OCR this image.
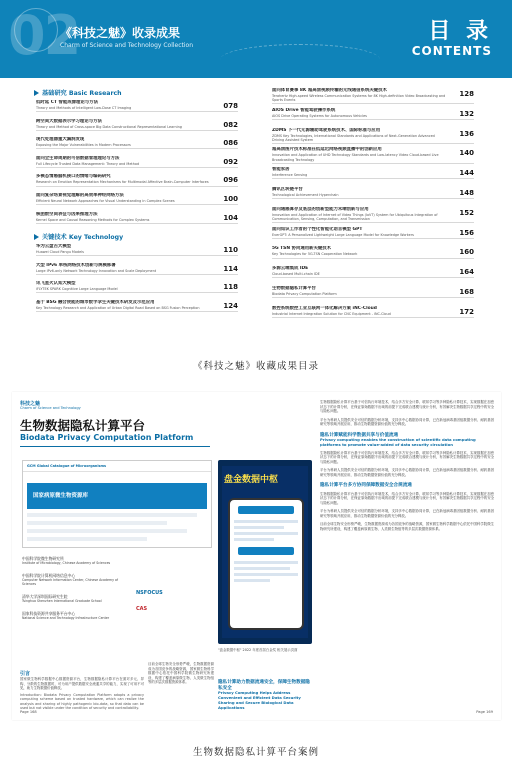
02
《科技之魅》收录成果
Charm of Science and Technology Collection
目 录
CONTENTS
基础研究 Basic Research
低时延 CT 智能成像理论与方法
Theory and Methods of Intelligent Low-Dose CT Imaging	078
跨空间大数据表示学习理论与方法
Theory and Method of Cross-space Big Data Constructional Representational Learning	082
现代处理器重大漏洞发现
Exposing the Major Vulnerabilities in Modern Processors	086
面向全生命周期的可信数据管理理论与方法
Full Lifecycle Trusted Data Management: Theory and Method	092
多模态情感脑机接口的情绪与编码研究
Research on Emotion Representation Mechanisms for Multimodal Affective Brain-Computer Interfaces	096
面向复杂场景视觉理解的高效率神经网络方法
Efficient Neural Network Approaches for Visual Understanding in Complex Scenes	100
核函数空间表征与因果推理方法
Kernel Space and Causal Reasoning Methods for Complex Systems	104
关键技术 Key Technology
华为云盘古大模型
Huawei Cloud Pangu Models	110
大型 IPv6 单栈网络技术创新与规模部署
Large IPv6-only Network Technology Innovation and Scale Deployment	114
讯飞星火认知大模型
iFLYTEK SPARK Cognitive Large Language Model	118
基于 BSG 融合使能的城市数字孪生关键技术研发及示范应用
Key Technology Research and Application of Urban Digital Road Based on BSG Fusion Perception	124
面向体育赛事 8K 超高清视频传输的无线通信系统关键技术
Terahertz High-speed Wireless Communication Systems for 8K High-definition Video Broadcasting and Sports Events
128
AIOS Drive 智能驾驶操作系统
AIOS Drive Operating Systems for Autonomous Vehicles	132
ZDMS 下一代无源辅助驾驶系统技术、国际标准与应用
ZDMS Key Technologies, International Standards and Applications of Next-Generation Advanced Driving Assisted System
136
超高清图片技术标准在低延迟网络视频直播中的创新应用
Innovation and Application of UHD Technology Standards and Low-latency Video Cloud-based Live Broadcasting Technology
140
智能家居
Interference Sensing	144
腾讯区块链平台
Technological Achievement Hyperchain	148
面向通感算存及底层的创新型能力未端创新与应用
Innovation and Application of Internet of Video Things (IoVT) System for Ubiquitous Integration of Communication, Sensing, Computation, and Transmission
152
面向知识工作者的个性化智能化语言模型 GPT
EverGPT: A Personalized Lightweight Large Language Model for Knowledge Workers	156
5G TSN 协同通用新关键技术
Key Technologies for 5G-TSN Cooperation Network	160
多源云端集成 IDE
Cloud-based Multi-chain IDE	164
生物数据隐私计算平台
Biodata Privacy Computation Platform	168
数控系统数控工业互联网一体化解决方案 iNC-Cloud
Industrial Internet Integration Solution for CNC Equipment - iNC-Cloud	172
《科技之魅》收藏成果目录
科技之魅
Charm of Science and Technology
生物数据隐私计算平台
Biodata Privacy Computation Platform
GCM Global Catalogue of Microorganisms
国家病原微生物资源库
中国科学院微生物研究所
Institute of Microbiology, Chinese Academy of Sciences
中国科学院计算机网络信息中心
Computer Network Information Center, Chinese Academy of Sciences
清华大学深圳国际研究生院
Tsinghua Shenzhen International Graduate School
国家科技资源共享服务平台中心
National Science and Technology Infrastructure Center
NSFOCUS
CAS
盘金数据中枢
"盘金数据中枢" 2022 年度首届白金奖 相关展示页面
引言
国家微生物科学数据中心数据资源平台，生物数据隐私计算平台在面对多元、异构、分散的生物数据时，可为用户提供数据安全流通共享的能力，实现了可用不可见，助力生物数据价值释放。
Introduction: Biodata Privacy Computation Platform adopts a privacy computing scheme based on trusted hardware, which can realize the analysis and sharing of highly pathogenic bio-data, so that data can be used but not visible under the condition of security and controllability.
目前全球生物安全形势严峻，生物数据资源成为各国竞争的战略资源，国家微生物科学数据中心依托中国科学院微生物研究所建设，构建了覆盖病原微生物、人类微生物组等的多层次数据资源体系。	隐私计算助力数据流通安全，保障生物数据隐私安全
Privacy Computing Helps Address Convenient and Efficient Data Security Sharing and Secure Biological Data Applications
生物数据隐私计算平台基于可信执行环境技术，结合多方安全计算、联邦学习等多种隐私计算技术，实现数据在加密状态下的计算分析，在保证原始数据不出域的前提下完成联合建模与统计分析，有效解决生物数据共享过程中的安全与隐私问题。
平台为科研人员提供安全可信的数据分析环境，支持多中心数据协同计算，已在新冠病毒基因组数据分析、耐药基因研究等领域开展应用，推动生物数据资源价值的充分释放。
隐私计算赋能科学数据共享与价值流通
Privacy computing enables the construction of scientific data computing platforms to promote value-added of data security circulation
生物数据隐私计算平台基于可信执行环境技术，结合多方安全计算、联邦学习等多种隐私计算技术，实现数据在加密状态下的计算分析，在保证原始数据不出域的前提下完成联合建模与统计分析，有效解决生物数据共享过程中的安全与隐私问题。
平台为科研人员提供安全可信的数据分析环境，支持多中心数据协同计算，已在新冠病毒基因组数据分析、耐药基因研究等领域开展应用，推动生物数据资源价值的充分释放。
隐私计算平台多方协同保障数据安全合规流通
生物数据隐私计算平台基于可信执行环境技术，结合多方安全计算、联邦学习等多种隐私计算技术，实现数据在加密状态下的计算分析，在保证原始数据不出域的前提下完成联合建模与统计分析，有效解决生物数据共享过程中的安全与隐私问题。
平台为科研人员提供安全可信的数据分析环境，支持多中心数据协同计算，已在新冠病毒基因组数据分析、耐药基因研究等领域开展应用，推动生物数据资源价值的充分释放。
目前全球生物安全形势严峻，生物数据资源成为各国竞争的战略资源，国家微生物科学数据中心依托中国科学院微生物研究所建设，构建了覆盖病原微生物、人类微生物组等的多层次数据资源体系。
Page 168	Page 169
生物数据隐私计算平台案例
